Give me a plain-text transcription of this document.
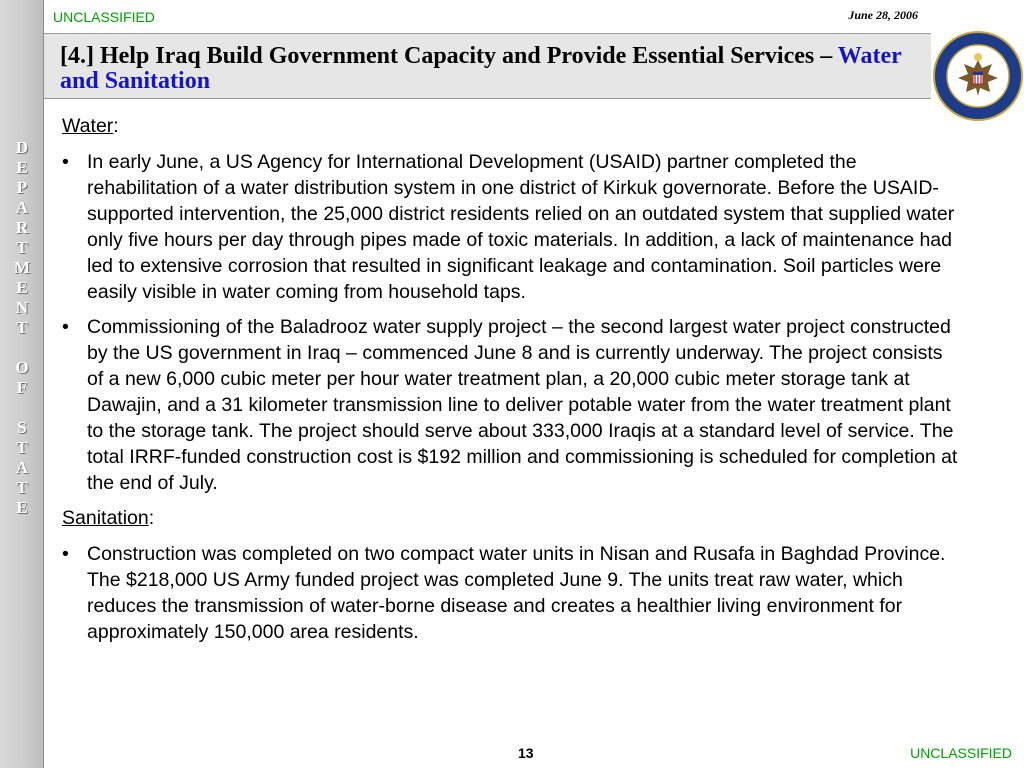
D
E
P
A
R
T
M
E
N
T
O
F
S
T
A
T
E
UNCLASSIFIED	June 28, 2006
[4.] Help Iraq Build Government Capacity and Provide Essential Services – Water and Sanitation
Water:
• In early June, a US Agency for International Development (USAID) partner completed the rehabilitation of a water distribution system in one district of Kirkuk governorate. Before the USAID-supported intervention, the 25,000 district residents relied on an outdated system that supplied water only five hours per day through pipes made of toxic materials. In addition, a lack of maintenance had led to extensive corrosion that resulted in significant leakage and contamination. Soil particles were easily visible in water coming from household taps.
• Commissioning of the Baladrooz water supply project – the second largest water project constructed by the US government in Iraq – commenced June 8 and is currently underway. The project consists of a new 6,000 cubic meter per hour water treatment plan, a 20,000 cubic meter storage tank at Dawajin, and a 31 kilometer transmission line to deliver potable water from the water treatment plant to the storage tank. The project should serve about 333,000 Iraqis at a standard level of service. The total IRRF-funded construction cost is $192 million and commissioning is scheduled for completion at the end of July.
Sanitation:
• Construction was completed on two compact water units in Nisan and Rusafa in Baghdad Province. The $218,000 US Army funded project was completed June 9. The units treat raw water, which reduces the transmission of water-borne disease and creates a healthier living environment for approximately 150,000 area residents.
13	UNCLASSIFIED
